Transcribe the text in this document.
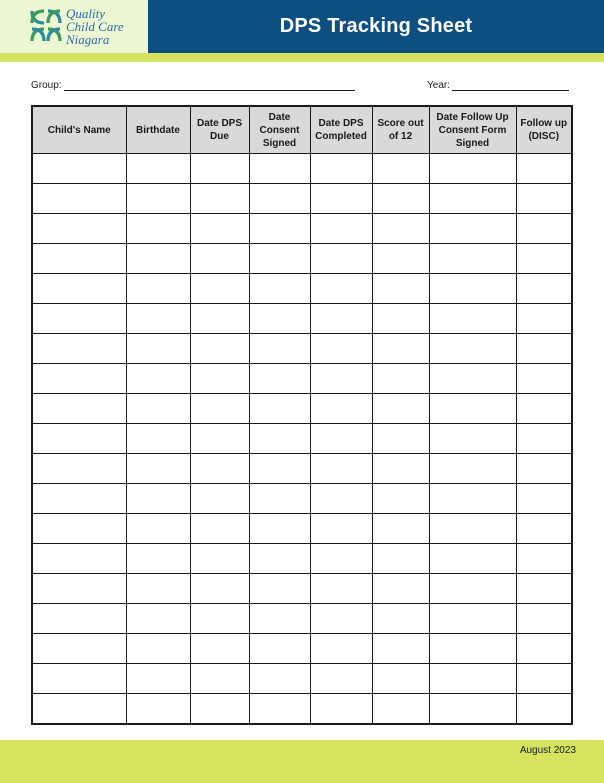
Quality
Child Care
Niagara
DPS Tracking Sheet
Group:	Year:
Child's Name	Birthdate	Date DPS Due	Date Consent Signed	Date DPS Completed	Score out of 12	Date Follow Up Consent Form Signed	Follow up (DISC)

August 2023
